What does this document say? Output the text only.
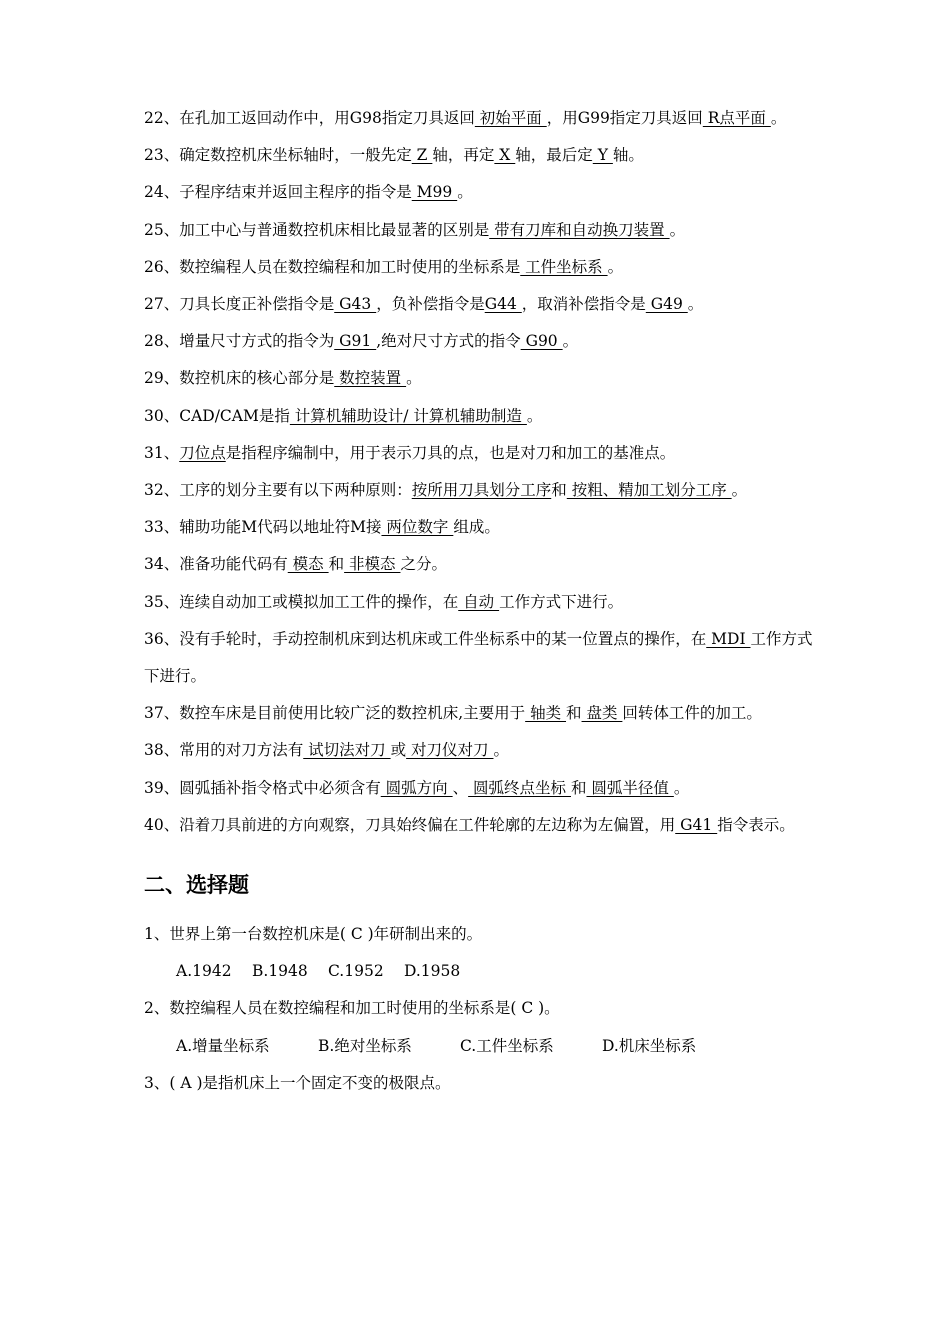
22、在孔加工返回动作中，用G98指定刀具返回 初始平面 ，用G99指定刀具返回 R点平面 。
23、确定数控机床坐标轴时，一般先定 Z 轴，再定 X 轴，最后定 Y 轴。
24、子程序结束并返回主程序的指令是 M99 。
25、加工中心与普通数控机床相比最显著的区别是 带有刀库和自动换刀装置 。
26、数控编程人员在数控编程和加工时使用的坐标系是 工件坐标系 。
27、刀具长度正补偿指令是 G43 ，负补偿指令是G44 ，取消补偿指令是 G49 。
28、增量尺寸方式的指令为 G91 ,绝对尺寸方式的指令 G90 。
29、数控机床的核心部分是 数控装置 。
30、CAD/CAM是指 计算机辅助设计/ 计算机辅助制造 。
31、刀位点是指程序编制中，用于表示刀具的点，也是对刀和加工的基准点。
32、工序的划分主要有以下两种原则：按所用刀具划分工序和 按粗、精加工划分工序 。
33、辅助功能M代码以地址符M接 两位数字 组成。
34、准备功能代码有 模态 和 非模态 之分。
35、连续自动加工或模拟加工工件的操作，在 自动 工作方式下进行。
36、没有手轮时，手动控制机床到达机床或工件坐标系中的某一位置点的操作，在 MDI 工作方式下进行。
37、数控车床是目前使用比较广泛的数控机床,主要用于 轴类 和 盘类 回转体工件的加工。
38、常用的对刀方法有 试切法对刀 或 对刀仪对刀 。
39、圆弧插补指令格式中必须含有 圆弧方向 、 圆弧终点坐标 和 圆弧半径值 。
40、沿着刀具前进的方向观察，刀具始终偏在工件轮廓的左边称为左偏置，用 G41 指令表示。
二、选择题
1、世界上第一台数控机床是( C )年研制出来的。
A.1942 B.1948 C.1952 D.1958
2、数控编程人员在数控编程和加工时使用的坐标系是( C )。
A.增量坐标系	B.绝对坐标系	C.工件坐标系	D.机床坐标系
3、( A )是指机床上一个固定不变的极限点。
